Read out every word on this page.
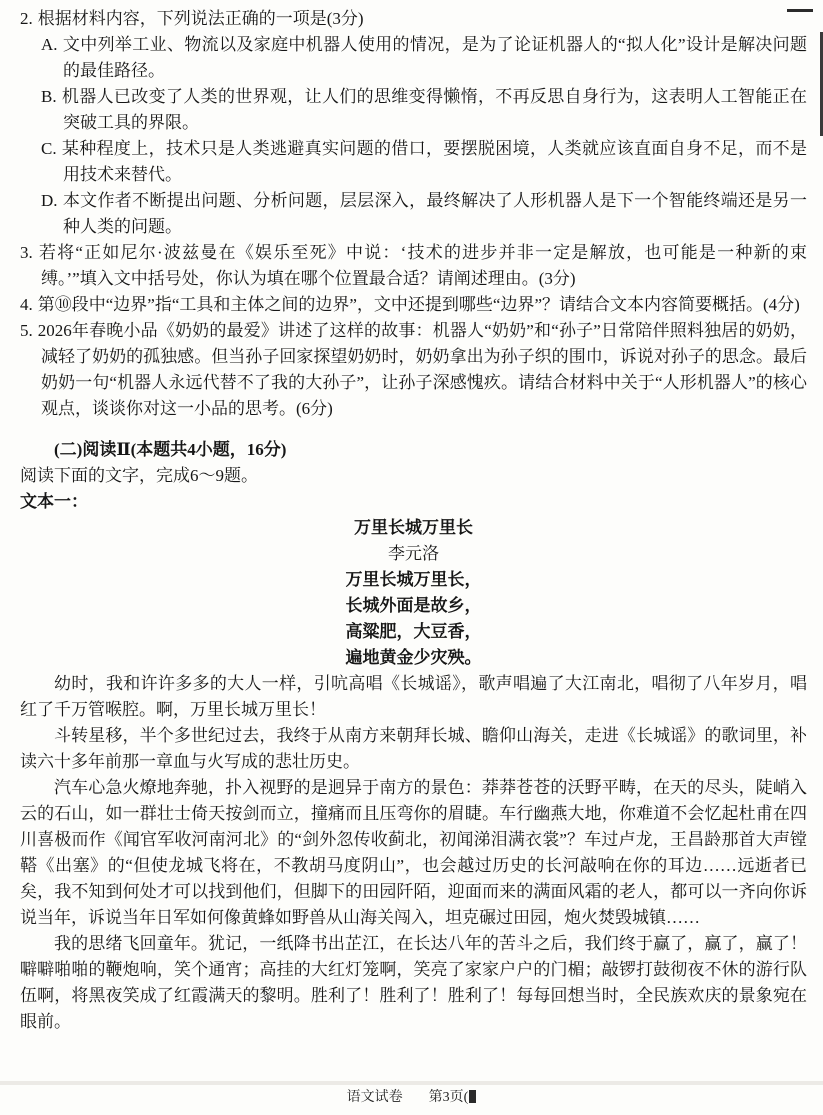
2. 根据材料内容，下列说法正确的一项是(3分)
A. 文中列举工业、物流以及家庭中机器人使用的情况，是为了论证机器人的“拟人化”设计是解决问题的最佳路径。
B. 机器人已改变了人类的世界观，让人们的思维变得懒惰，不再反思自身行为，这表明人工智能正在突破工具的界限。
C. 某种程度上，技术只是人类逃避真实问题的借口，要摆脱困境，人类就应该直面自身不足，而不是用技术来替代。
D. 本文作者不断提出问题、分析问题，层层深入，最终解决了人形机器人是下一个智能终端还是另一种人类的问题。
3. 若将“正如尼尔·波兹曼在《娱乐至死》中说：‘技术的进步并非一定是解放，也可能是一种新的束缚。’”填入文中括号处，你认为填在哪个位置最合适？请阐述理由。(3分)
4. 第⑩段中“边界”指“工具和主体之间的边界”，文中还提到哪些“边界”？请结合文本内容简要概括。(4分)
5. 2026年春晚小品《奶奶的最爱》讲述了这样的故事：机器人“奶奶”和“孙子”日常陪伴照料独居的奶奶，减轻了奶奶的孤独感。但当孙子回家探望奶奶时，奶奶拿出为孙子织的围巾，诉说对孙子的思念。最后奶奶一句“机器人永远代替不了我的大孙子”，让孙子深感愧疚。请结合材料中关于“人形机器人”的核心观点，谈谈你对这一小品的思考。(6分)
(二)阅读Ⅱ(本题共4小题，16分)
阅读下面的文字，完成6～9题。
文本一：
万里长城万里长
李元洛
万里长城万里长，
长城外面是故乡，
高粱肥，大豆香，
遍地黄金少灾殃。
幼时，我和许许多多的大人一样，引吭高唱《长城谣》，歌声唱遍了大江南北，唱彻了八年岁月，唱红了千万管喉腔。啊，万里长城万里长！
斗转星移，半个多世纪过去，我终于从南方来朝拜长城、瞻仰山海关，走进《长城谣》的歌词里，补读六十多年前那一章血与火写成的悲壮历史。
汽车心急火燎地奔驰，扑入视野的是迥异于南方的景色：莽莽苍苍的沃野平畴，在天的尽头，陡峭入云的石山，如一群壮士倚天按剑而立，撞痛而且压弯你的眉睫。车行幽燕大地，你难道不会忆起杜甫在四川喜极而作《闻官军收河南河北》的“剑外忽传收蓟北，初闻涕泪满衣裳”？车过卢龙，王昌龄那首大声镗鞳《出塞》的“但使龙城飞将在，不教胡马度阴山”，也会越过历史的长河敲响在你的耳边……远逝者已矣，我不知到何处才可以找到他们，但脚下的田园阡陌，迎面而来的满面风霜的老人，都可以一齐向你诉说当年，诉说当年日军如何像黄蜂如野兽从山海关闯入，坦克碾过田园，炮火焚毁城镇……
我的思绪飞回童年。犹记，一纸降书出芷江，在长达八年的苦斗之后，我们终于赢了，赢了，赢了！噼噼啪啪的鞭炮响，笑个通宵；高挂的大红灯笼啊，笑亮了家家户户的门楣；敲锣打鼓彻夜不休的游行队伍啊，将黑夜笑成了红霞满天的黎明。胜利了！胜利了！胜利了！每每回想当时，全民族欢庆的景象宛在眼前。
语文试卷 第3页(
